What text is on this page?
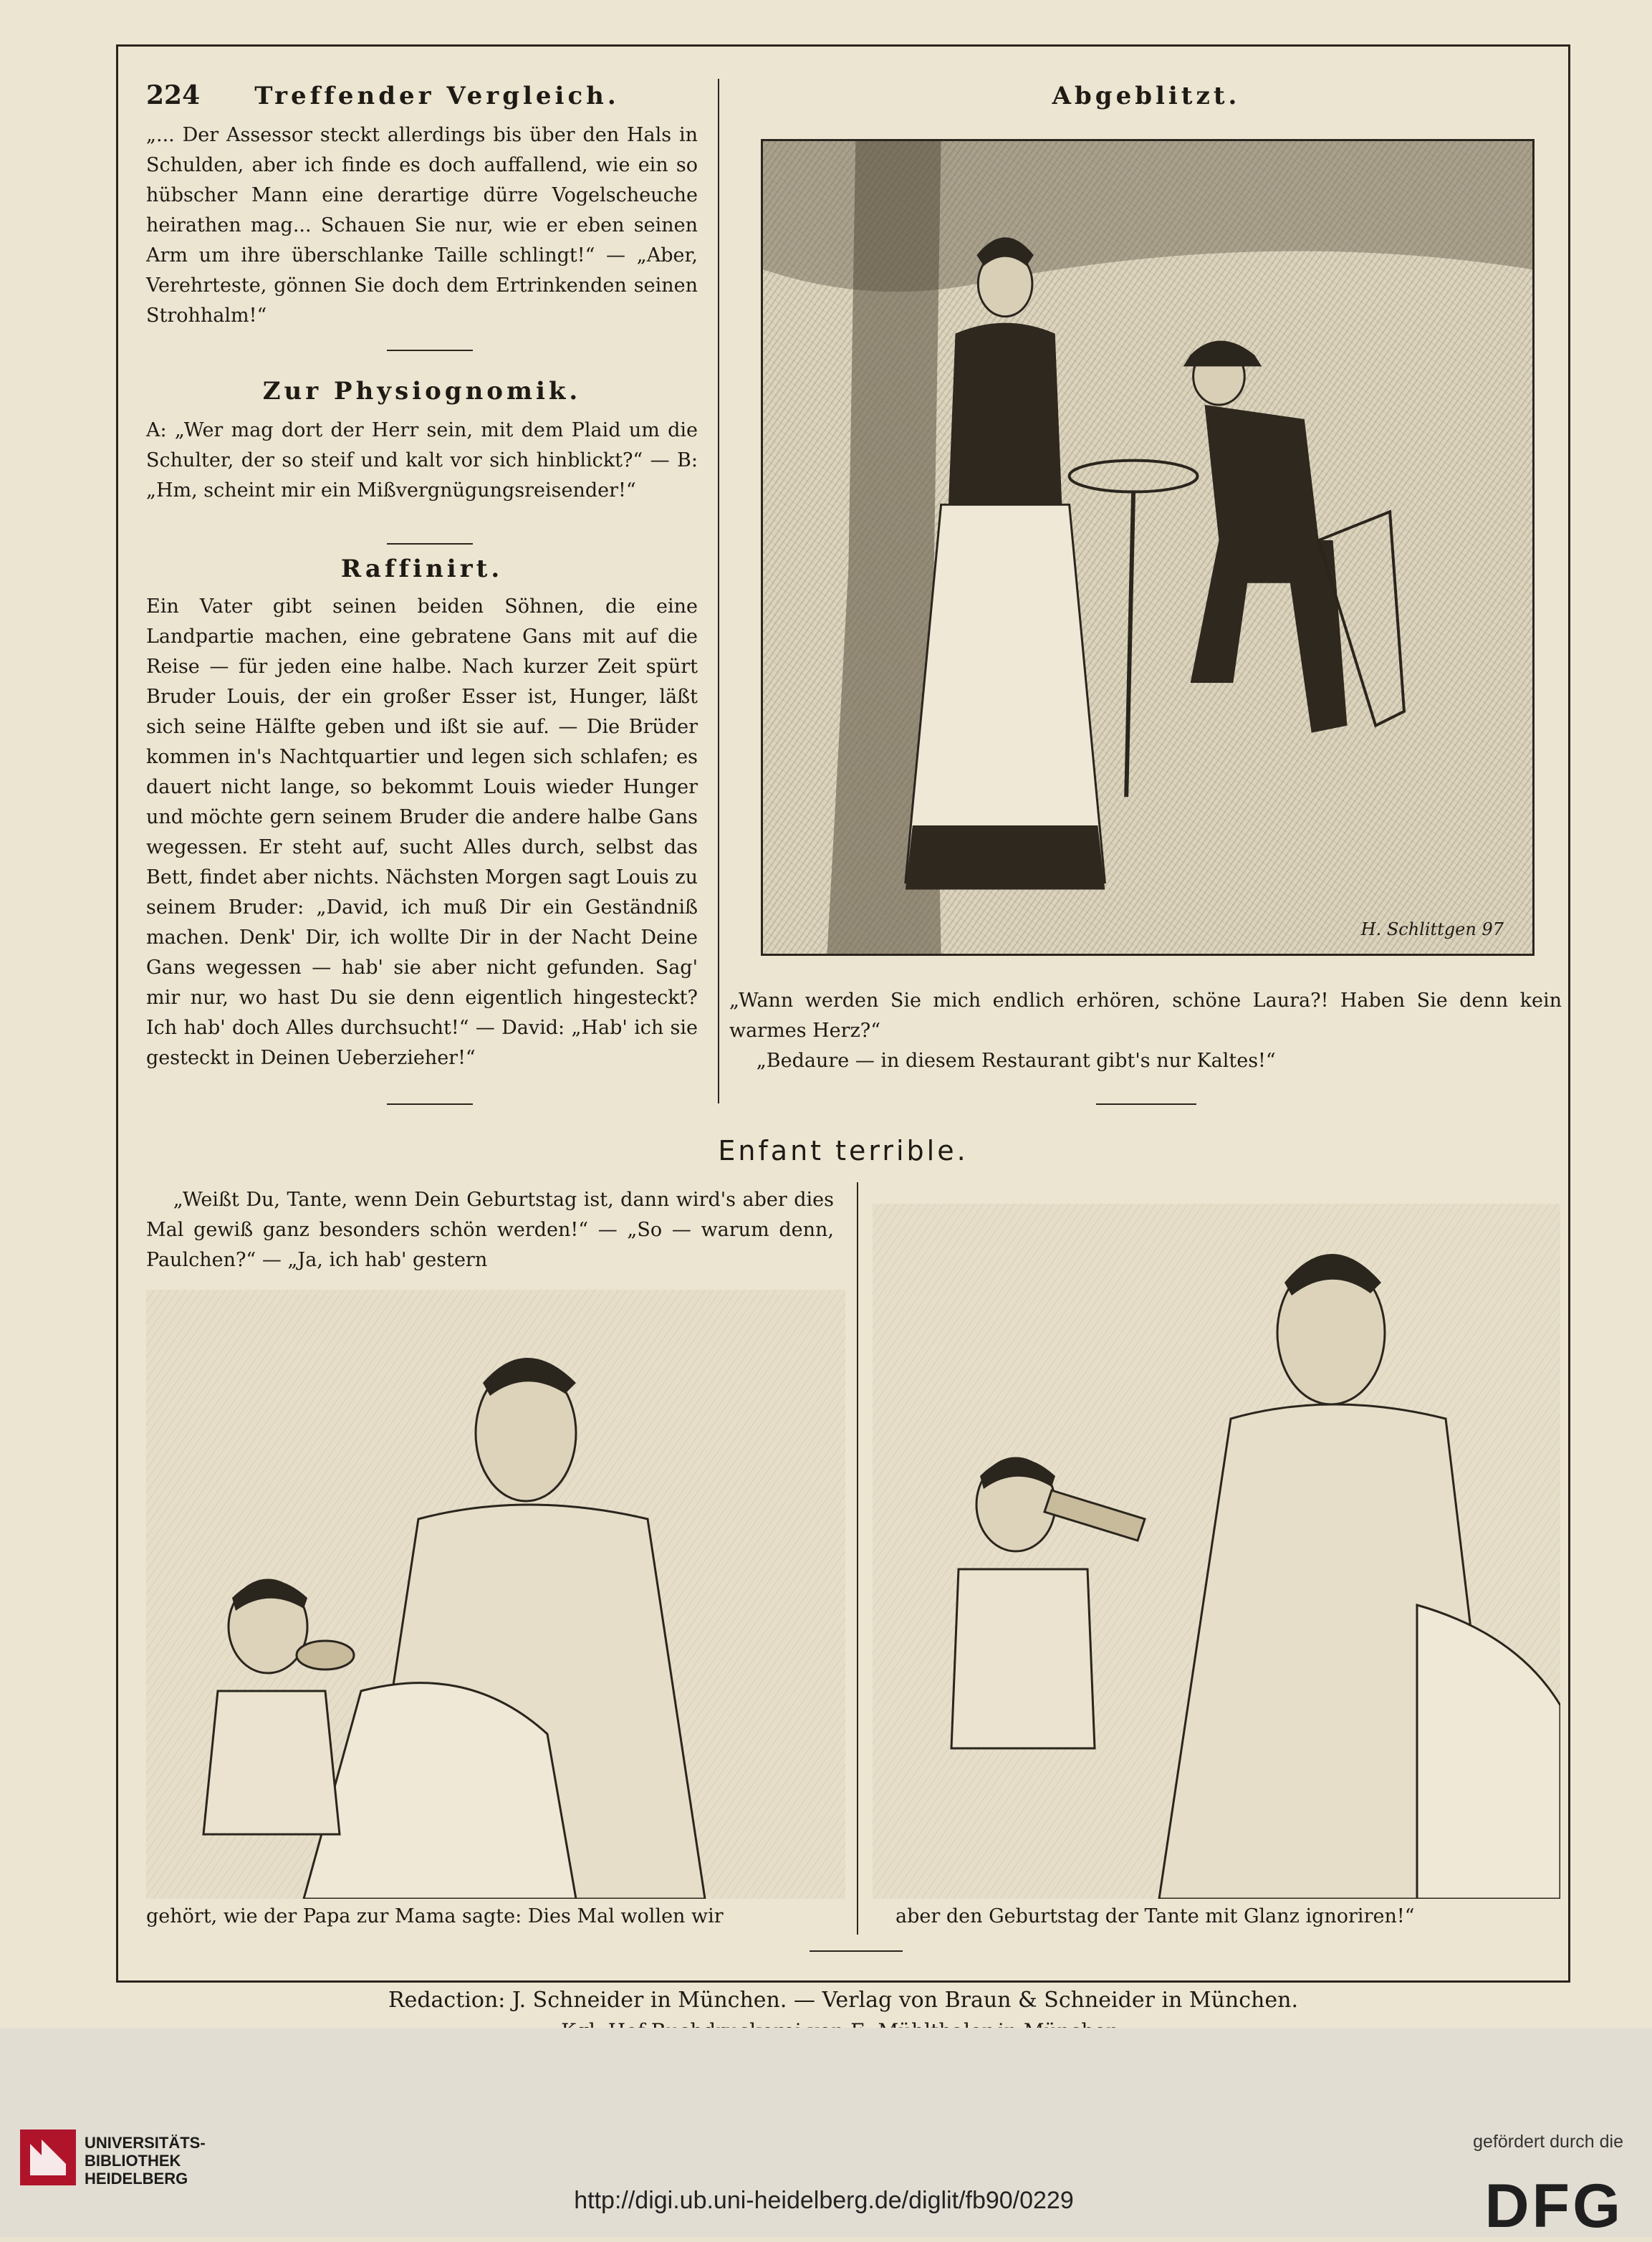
224	Treffender Vergleich.
„... Der Assessor steckt allerdings bis über den Hals in Schulden, aber ich finde es doch auffallend, wie ein so hübscher Mann eine derartige dürre Vogelscheuche heirathen mag... Schauen Sie nur, wie er eben seinen Arm um ihre überschlanke Taille schlingt!“ — „Aber, Verehrteste, gönnen Sie doch dem Ertrinkenden seinen Strohhalm!“
Zur Physiognomik.
A: „Wer mag dort der Herr sein, mit dem Plaid um die Schulter, der so steif und kalt vor sich hinblickt?“ — B: „Hm, scheint mir ein Mißvergnügungsreisender!“
Raffinirt.
Ein Vater gibt seinen beiden Söhnen, die eine Landpartie machen, eine gebratene Gans mit auf die Reise — für jeden eine halbe. Nach kurzer Zeit spürt Bruder Louis, der ein großer Esser ist, Hunger, läßt sich seine Hälfte geben und ißt sie auf. — Die Brüder kommen in's Nachtquartier und legen sich schlafen; es dauert nicht lange, so bekommt Louis wieder Hunger und möchte gern seinem Bruder die andere halbe Gans wegessen. Er steht auf, sucht Alles durch, selbst das Bett, findet aber nichts. Nächsten Morgen sagt Louis zu seinem Bruder: „David, ich muß Dir ein Geständniß machen. Denk' Dir, ich wollte Dir in der Nacht Deine Gans wegessen — hab' sie aber nicht gefunden. Sag' mir nur, wo hast Du sie denn eigentlich hingesteckt? Ich hab' doch Alles durchsucht!“ — David: „Hab' ich sie gesteckt in Deinen Ueberzieher!“
Abgeblitzt.
H. Schlittgen 97
„Wann werden Sie mich endlich erhören, schöne Laura?! Haben Sie denn kein warmes Herz?“
„Bedaure — in diesem Restaurant gibt's nur Kaltes!“
Enfant terrible.
„Weißt Du, Tante, wenn Dein Geburtstag ist, dann wird's aber dies Mal gewiß ganz besonders schön werden!“ — „So — warum denn, Paulchen?“ — „Ja, ich hab' gestern
gehört, wie der Papa zur Mama sagte: Dies Mal wollen wir	aber den Geburtstag der Tante mit Glanz ignoriren!“
Redaction: J. Schneider in München. — Verlag von Braun & Schneider in München.
UNIVERSITÄTS-
BIBLIOTHEK
HEIDELBERG
http://digi.ub.uni-heidelberg.de/diglit/fb90/0229
gefördert durch die
DFG
